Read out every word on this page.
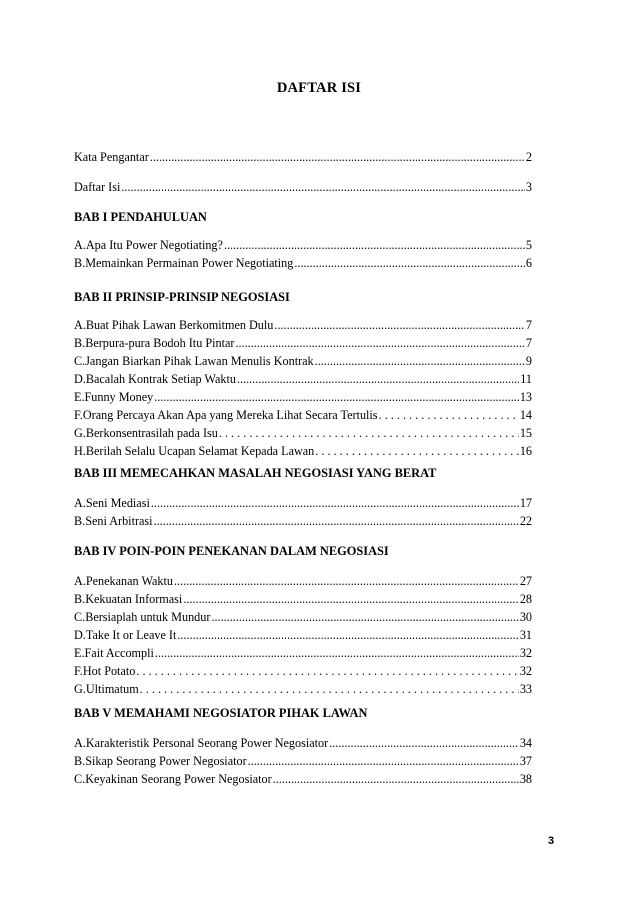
DAFTAR ISI
Kata Pengantar .....	2
Daftar Isi .....	3
BAB I PENDAHULUAN
A. Apa Itu Power Negotiating? .....	5
B. Memainkan Permainan Power Negotiating .....	6
BAB II PRINSIP-PRINSIP NEGOSIASI
A. Buat Pihak Lawan Berkomitmen Dulu .....	7
B. Berpura-pura Bodoh Itu Pintar .....	7
C. Jangan Biarkan Pihak Lawan Menulis Kontrak .....	9
D. Bacalah Kontrak Setiap Waktu .....	11
E. Funny Money .....	13
F. Orang Percaya Akan Apa yang Mereka Lihat Secara Tertulis . . .	14
G. Berkonsentrasilah pada Isu . . .	15
H. Berilah Selalu Ucapan Selamat Kepada Lawan . . .	16
BAB III MEMECAHKAN MASALAH NEGOSIASI YANG BERAT
A. Seni Mediasi .....	17
B. Seni Arbitrasi .....	22
BAB IV POIN-POIN PENEKANAN DALAM NEGOSIASI
A. Penekanan Waktu .....	27
B. Kekuatan Informasi .....	28
C. Bersiaplah untuk Mundur .....	30
D. Take It or Leave It .....	31
E. Fait Accompli .....	32
F. Hot Potato . . .	32
G. Ultimatum . . .	33
BAB V MEMAHAMI NEGOSIATOR PIHAK LAWAN
A. Karakteristik Personal Seorang Power Negosiator .....	34
B. Sikap Seorang Power Negosiator .....	37
C. Keyakinan Seorang Power Negosiator .....	38
3
